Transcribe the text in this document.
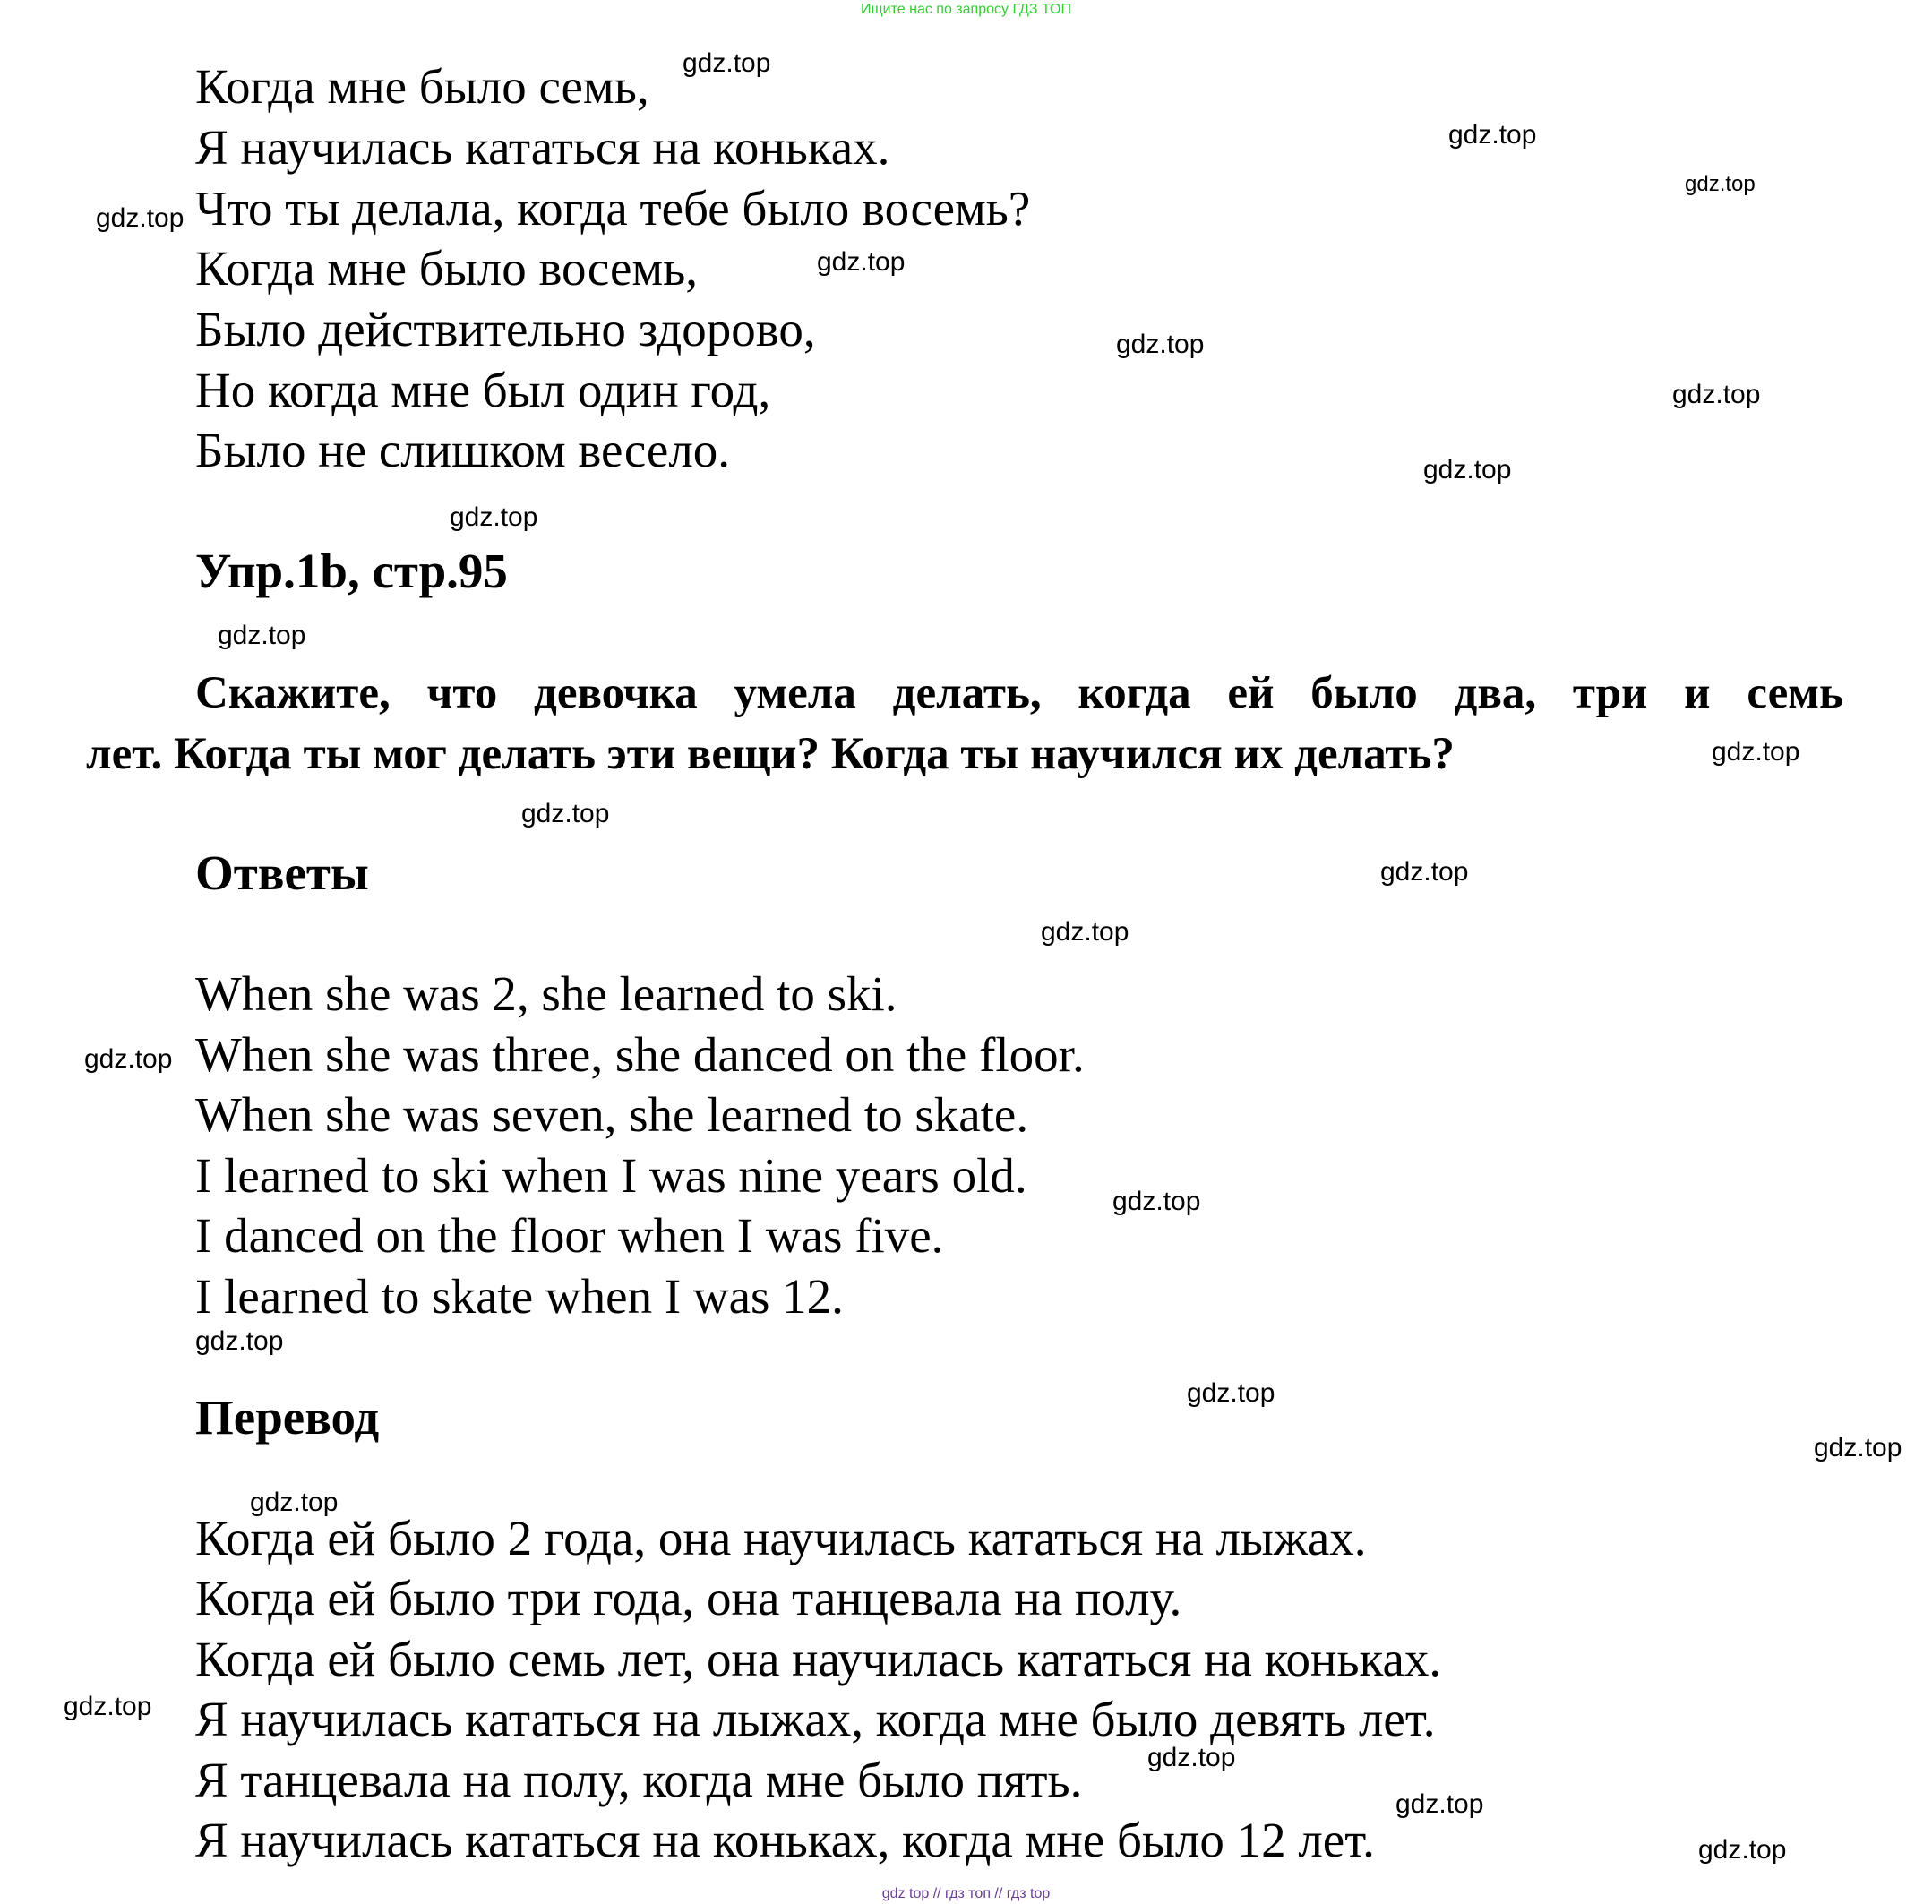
Ищите нас по запросу ГДЗ ТОП
Когда мне было семь,
Я научилась кататься на коньках.
Что ты делала, когда тебе было восемь?
Когда мне было восемь,
Было действительно здорово,
Но когда мне был один год,
Было не слишком весело.
Упр.1b, стр.95
Скажите, что девочка умела делать, когда ей было два, три и семь
лет. Когда ты мог делать эти вещи? Когда ты научился их делать?
Ответы
When she was 2, she learned to ski.
When she was three, she danced on the floor.
When she was seven, she learned to skate.
I learned to ski when I was nine years old.
I danced on the floor when I was five.
I learned to skate when I was 12.
Перевод
Когда ей было 2 года, она научилась кататься на лыжах.
Когда ей было три года, она танцевала на полу.
Когда ей было семь лет, она научилась кататься на коньках.
Я научилась кататься на лыжах, когда мне было девять лет.
Я танцевала на полу, когда мне было пять.
Я научилась кататься на коньках, когда мне было 12 лет.
gdz.top
gdz.top
gdz.top
gdz.top
gdz.top
gdz.top
gdz.top
gdz.top
gdz.top
gdz.top
gdz.top
gdz.top
gdz.top
gdz.top
gdz.top
gdz.top
gdz.top
gdz.top
gdz.top
gdz.top
gdz.top
gdz.top
gdz.top
gdz.top
gdz top // гдз топ // гдз top
